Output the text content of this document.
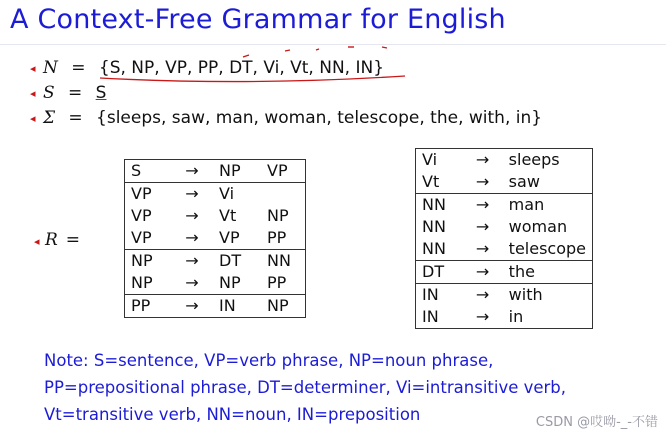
A Context-Free Grammar for English
◂ N = {S, NP, VP, PP, DT, Vi, Vt, NN, IN}
◂ S = S
◂ Σ = {sleeps, saw, man, woman, telescope, the, with, in}
◂ R =
S	→	NP	VP
VP	→	Vi	
VP	→	Vt	NP
VP	→	VP	PP
NP	→	DT	NN
NP	→	NP	PP
PP	→	IN	NP
Vi	→	sleeps
Vt	→	saw
NN	→	man
NN	→	woman
NN	→	telescope
DT	→	the
IN	→	with
IN	→	in

Note: S=sentence, VP=verb phrase, NP=noun phrase,

PP=prepositional phrase, DT=determiner, Vi=intransitive verb,

Vt=transitive verb, NN=noun, IN=preposition	CSDN @哎呦-_-不错
